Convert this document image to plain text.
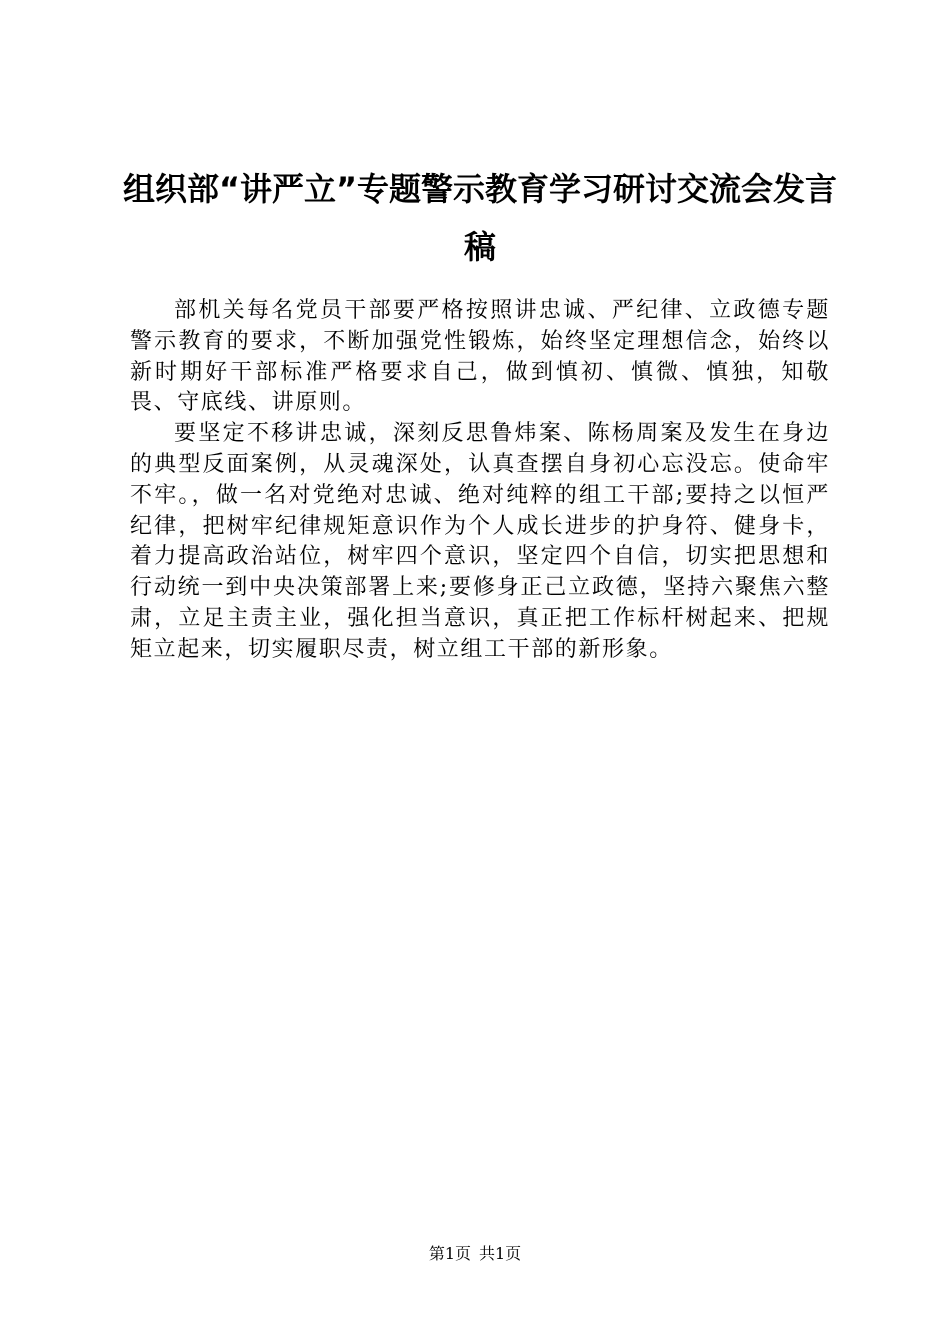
组织部“讲严立”专题警示教育学习研讨交流会发言稿

部机关每名党员干部要严格按照讲忠诚、严纪律、立政德专题警示教育的要求，不断加强党性锻炼，始终坚定理想信念，始终以新时期好干部标准严格要求自己，做到慎初、慎微、慎独，知敬畏、守底线、讲原则。

要坚定不移讲忠诚，深刻反思鲁炜案、陈杨周案及发生在身边的典型反面案例，从灵魂深处，认真查摆自身初心忘没忘。使命牢不牢。，做一名对党绝对忠诚、绝对纯粹的组工干部;要持之以恒严纪律，把树牢纪律规矩意识作为个人成长进步的护身符、健身卡，着力提高政治站位，树牢四个意识，坚定四个自信，切实把思想和行动统一到中央决策部署上来;要修身正己立政德，坚持六聚焦六整肃，立足主责主业，强化担当意识，真正把工作标杆树起来、把规矩立起来，切实履职尽责，树立组工干部的新形象。

第1页 共1页
